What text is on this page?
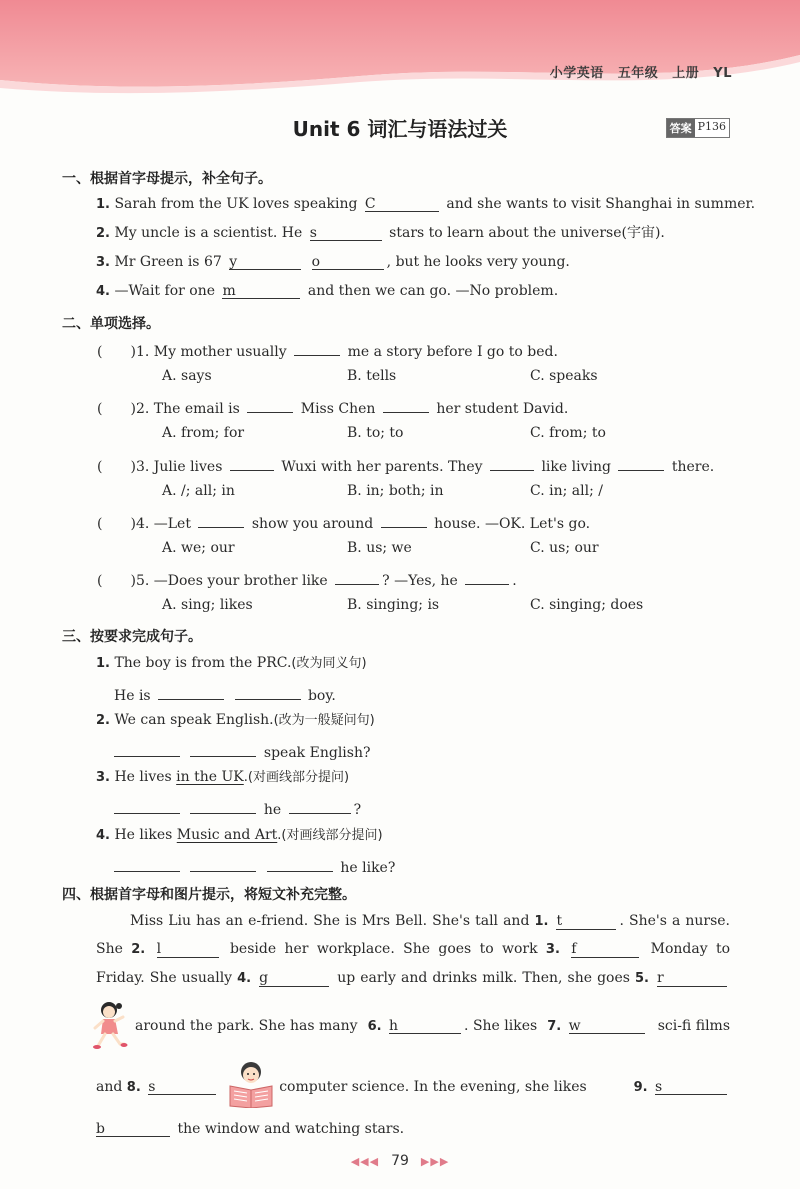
小学英语 五年级 上册 YL
Unit 6 词汇与语法过关	答案 P136
一、根据首字母提示，补全句子。
1. Sarah from the UK loves speaking C	and she wants to visit Shanghai in summer.
2. My uncle is a scientist. He s	stars to learn about the universe(宇宙).
3. Mr Green is 67 y	o	, but he looks very young.
4. —Wait for one m	and then we can go. —No problem.
二、单项选择。
(　　)1. My mother usually	me a story before I go to bed.
A. says	B. tells	C. speaks
(　　)2. The email is	Miss Chen	her student David.
A. from; for	B. to; to	C. from; to
(　　)3. Julie lives	Wuxi with her parents. They	like living	there.
A. /; all; in	B. in; both; in	C. in; all; /
(　　)4. —Let	show you around	house. —OK. Let's go.
A. we; our	B. us; we	C. us; our
(　　)5. —Does your brother like	? —Yes, he	.
A. sing; likes	B. singing; is	C. singing; does
三、按要求完成句子。
1. The boy is from the PRC.(改为同义句)
He is	boy.
2. We can speak English.(改为一般疑问句)
speak English?
3. He lives in the UK.(对画线部分提问)
he	?
4. He likes Music and Art.(对画线部分提问)
he like?
四、根据首字母和图片提示，将短文补充完整。
Miss Liu has an e-friend. She is Mrs Bell. She's tall and 1. t	. She's a nurse.
She 2. l	beside her workplace. She goes to work 3. f	Monday to
Friday. She usually 4. g	up early and drinks milk. Then, she goes 5. r
around the park. She has many 6. h	. She likes 7. w	sci-fi films
and 8. s	computer science. In the evening, she likes	9. s
b	the window and watching stars.
◀◀◀ 79 ▶▶▶
